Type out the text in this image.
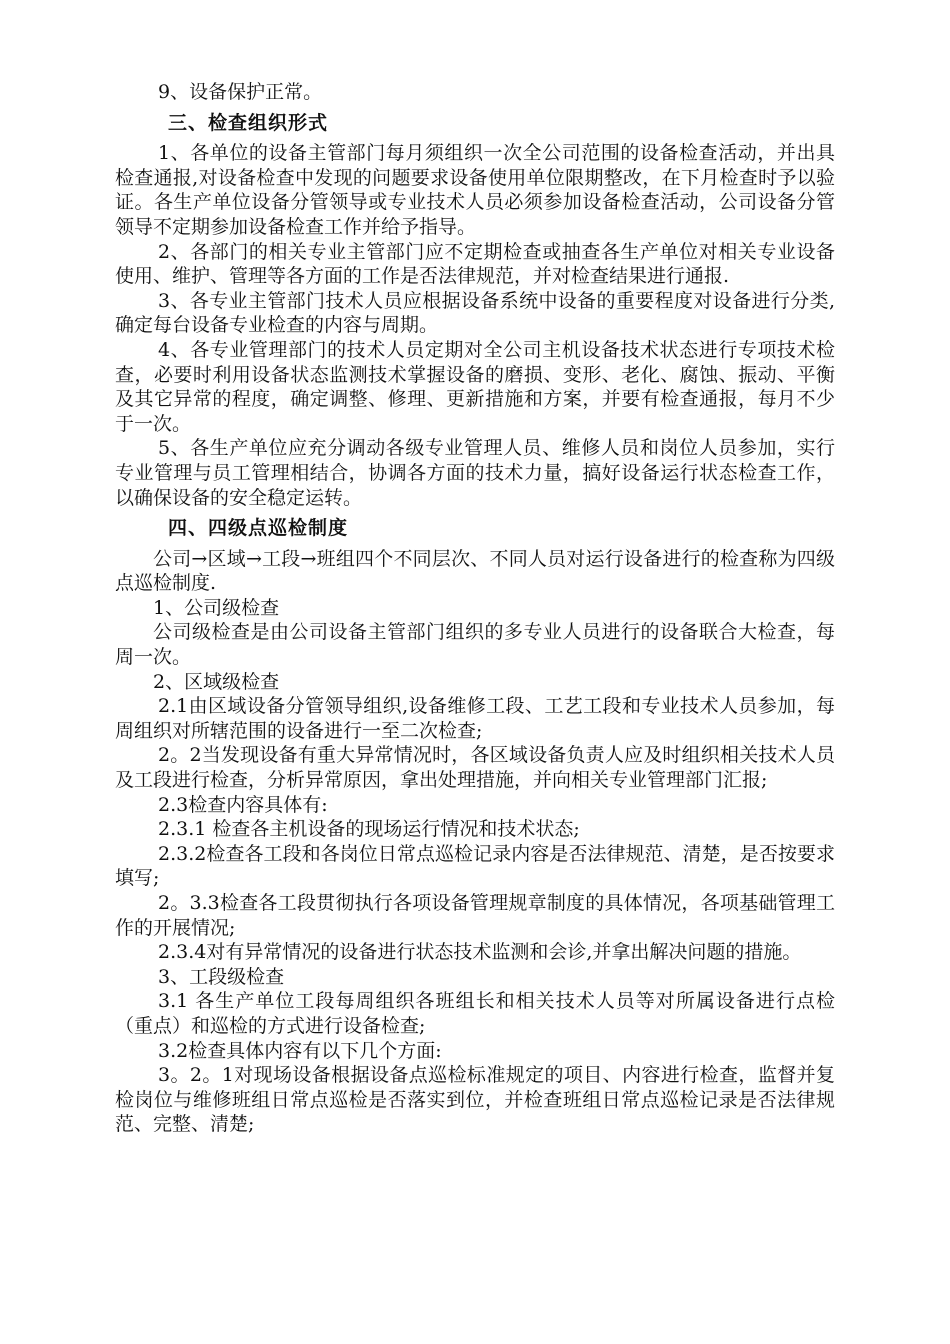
9、设备保护正常。

三、检查组织形式

1、各单位的设备主管部门每月须组织一次全公司范围的设备检查活动，并出具检查通报,对设备检查中发现的问题要求设备使用单位限期整改，在下月检查时予以验证。各生产单位设备分管领导或专业技术人员必须参加设备检查活动，公司设备分管领导不定期参加设备检查工作并给予指导。

2、各部门的相关专业主管部门应不定期检查或抽查各生产单位对相关专业设备使用、维护、管理等各方面的工作是否法律规范，并对检查结果进行通报.

3、各专业主管部门技术人员应根据设备系统中设备的重要程度对设备进行分类,确定每台设备专业检查的内容与周期。

4、各专业管理部门的技术人员定期对全公司主机设备技术状态进行专项技术检查，必要时利用设备状态监测技术掌握设备的磨损、变形、老化、腐蚀、振动、平衡及其它异常的程度，确定调整、修理、更新措施和方案，并要有检查通报，每月不少于一次。

5、各生产单位应充分调动各级专业管理人员、维修人员和岗位人员参加，实行专业管理与员工管理相结合，协调各方面的技术力量，搞好设备运行状态检查工作，以确保设备的安全稳定运转。

四、四级点巡检制度

公司→区域→工段→班组四个不同层次、不同人员对运行设备进行的检查称为四级点巡检制度.

1、公司级检查

公司级检查是由公司设备主管部门组织的多专业人员进行的设备联合大检查，每周一次。

2、区域级检查

2.1由区域设备分管领导组织,设备维修工段、工艺工段和专业技术人员参加，每周组织对所辖范围的设备进行一至二次检查;

2。2当发现设备有重大异常情况时，各区域设备负责人应及时组织相关技术人员及工段进行检查，分析异常原因，拿出处理措施，并向相关专业管理部门汇报;

2.3检查内容具体有:

2.3.1 检查各主机设备的现场运行情况和技术状态;

2.3.2检查各工段和各岗位日常点巡检记录内容是否法律规范、清楚，是否按要求填写;

2。3.3检查各工段贯彻执行各项设备管理规章制度的具体情况，各项基础管理工作的开展情况;

2.3.4对有异常情况的设备进行状态技术监测和会诊,并拿出解决问题的措施。

3、工段级检查

3.1 各生产单位工段每周组织各班组长和相关技术人员等对所属设备进行点检（重点）和巡检的方式进行设备检查;

3.2检查具体内容有以下几个方面:

3。2。1对现场设备根据设备点巡检标准规定的项目、内容进行检查，监督并复检岗位与维修班组日常点巡检是否落实到位，并检查班组日常点巡检记录是否法律规范、完整、清楚;
